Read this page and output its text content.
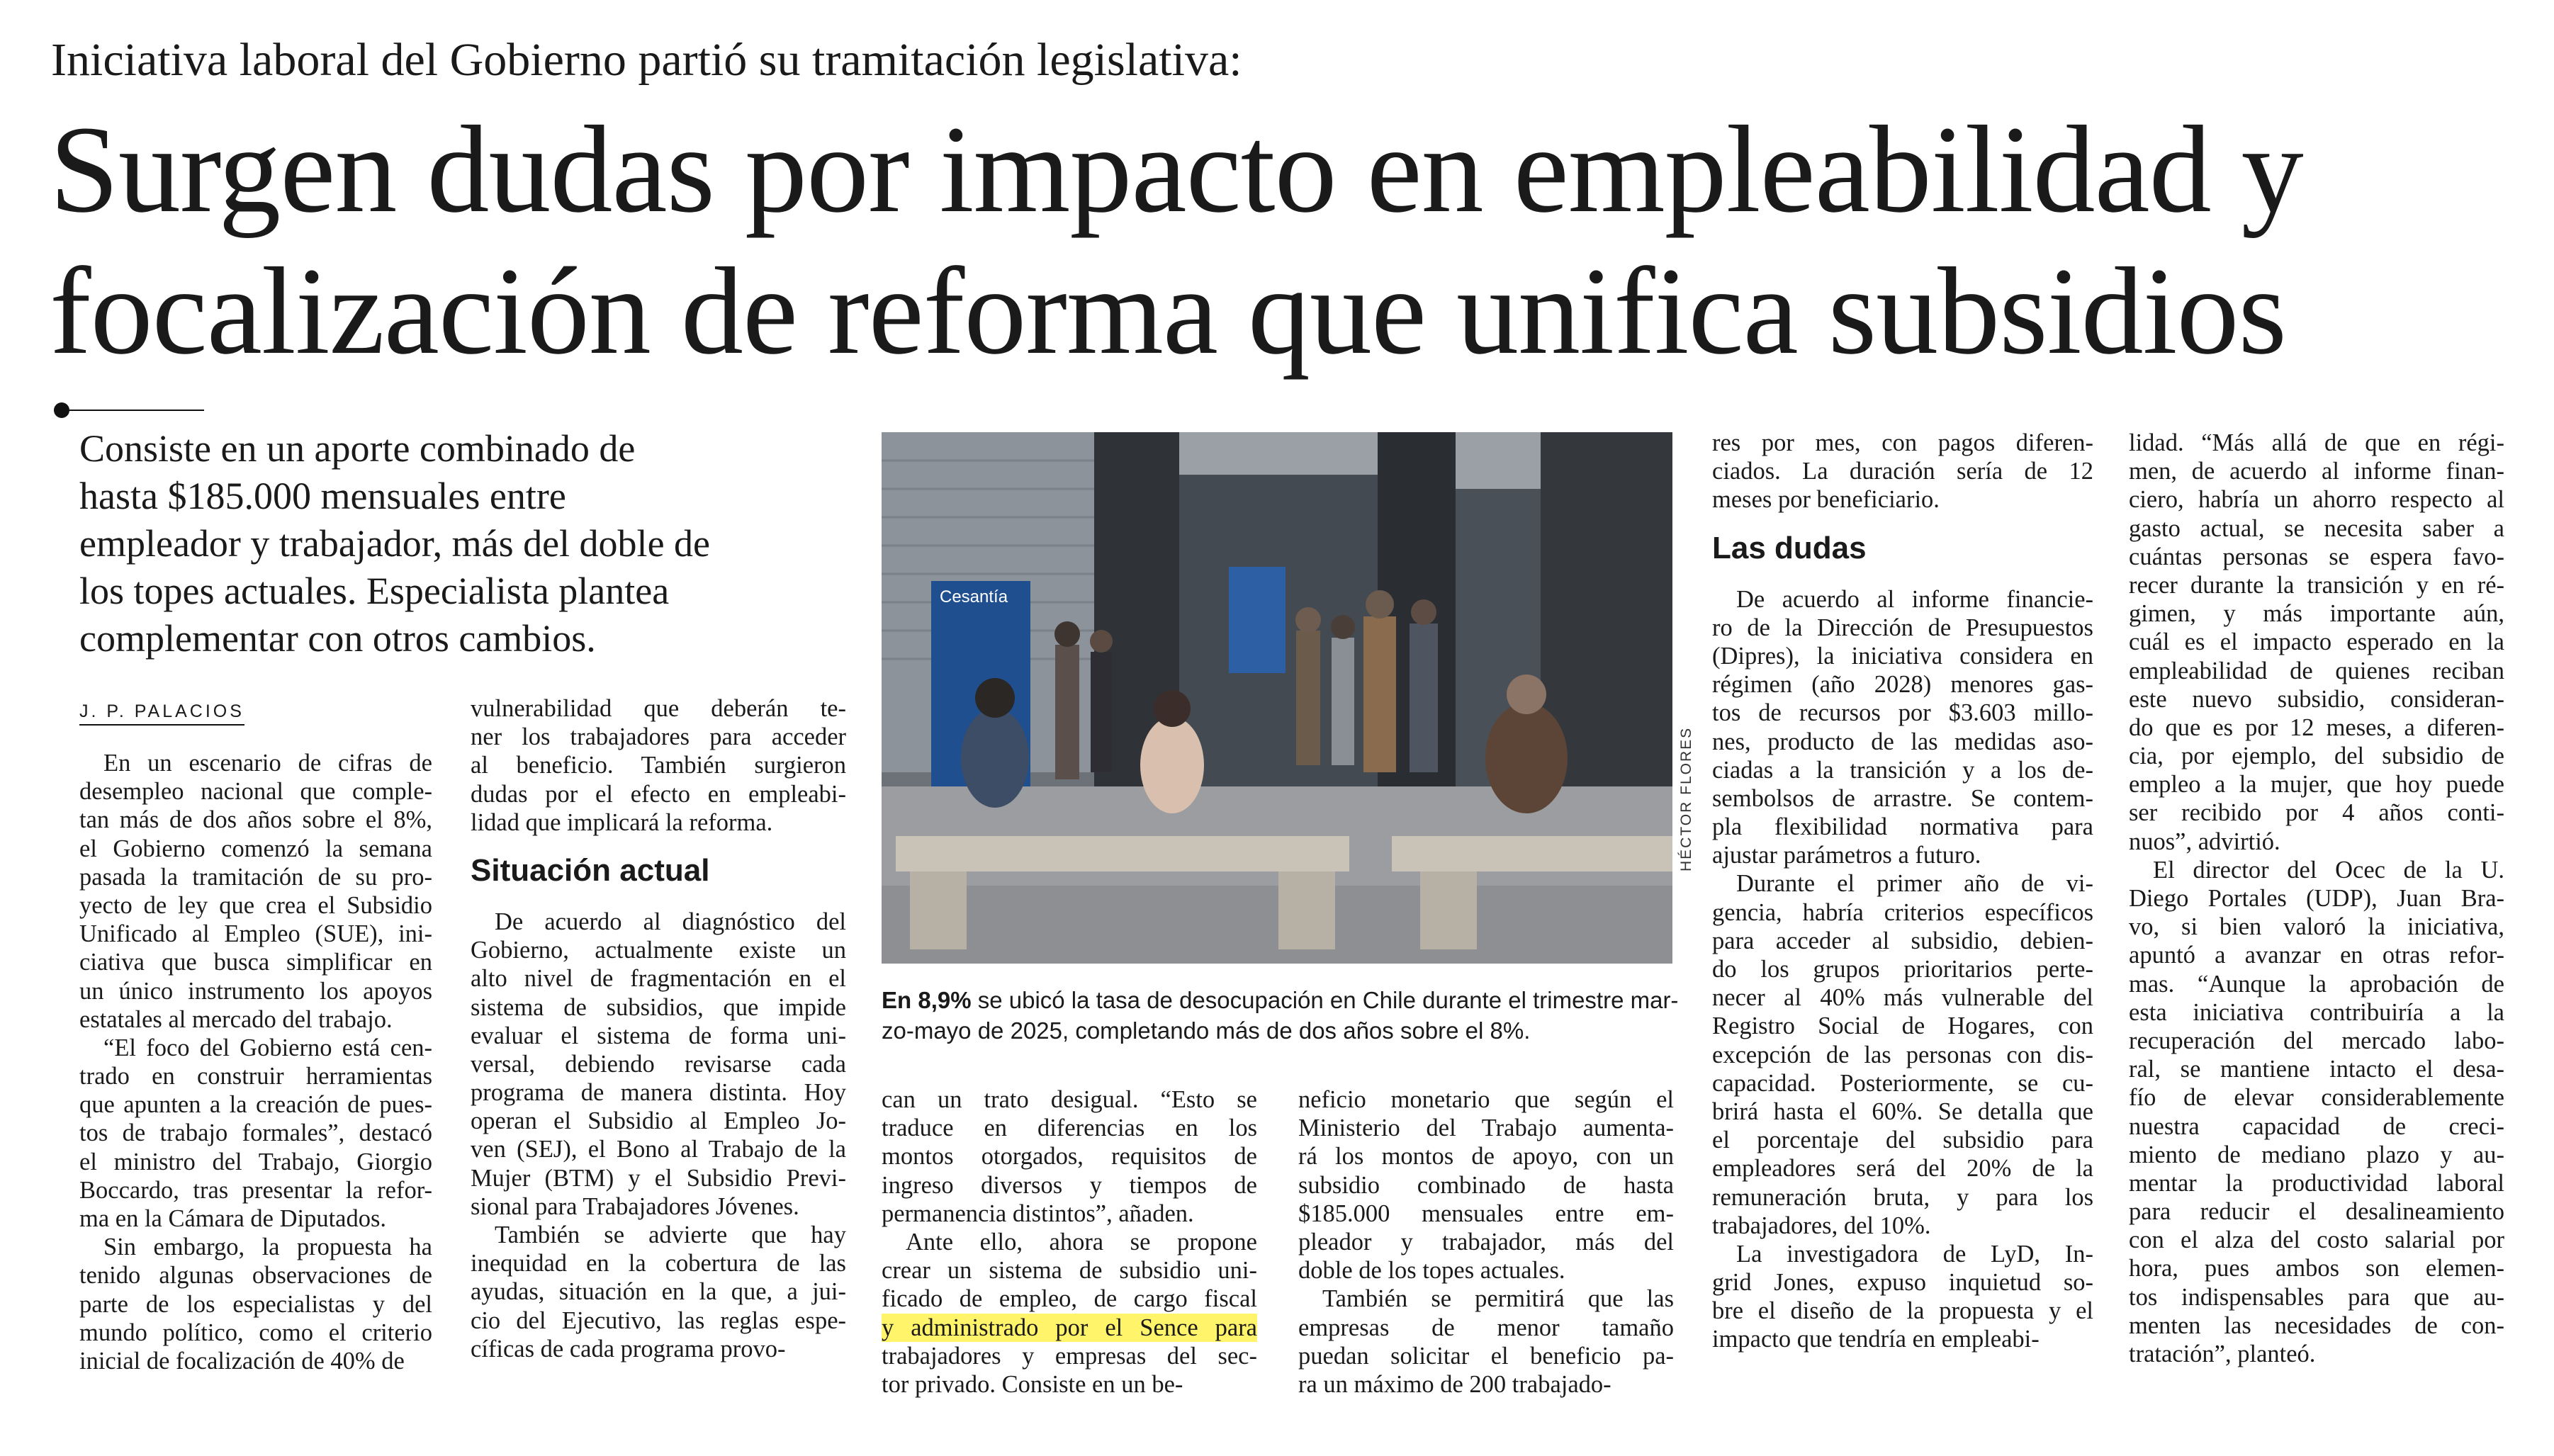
Iniciativa laboral del Gobierno partió su tramitación legislativa:
Surgen dudas por impacto en empleabilidad y
focalización de reforma que unifica subsidios

Consiste en un aporte combinado de

hasta $185.000 mensuales entre

empleador y trabajador, más del doble de

los topes actuales. Especialista plantea

complementar con otros cambios.

J. P. PALACIOS
En un escenario de cifras de
desempleo nacional que comple-
tan más de dos años sobre el 8%,
el Gobierno comenzó la semana
pasada la tramitación de su pro-
yecto de ley que crea el Subsidio
Unificado al Empleo (SUE), ini-
ciativa que busca simplificar en
un único instrumento los apoyos
estatales al mercado del trabajo.
“El foco del Gobierno está cen-
trado en construir herramientas
que apunten a la creación de pues-
tos de trabajo formales”, destacó
el ministro del Trabajo, Giorgio
Boccardo, tras presentar la refor-
ma en la Cámara de Diputados.
Sin embargo, la propuesta ha
tenido algunas observaciones de
parte de los especialistas y del
mundo político, como el criterio
inicial de focalización de 40% de
vulnerabilidad que deberán te-
ner los trabajadores para acceder
al beneficio. También surgieron
dudas por el efecto en empleabi-
lidad que implicará la reforma.
Situación actual
De acuerdo al diagnóstico del
Gobierno, actualmente existe un
alto nivel de fragmentación en el
sistema de subsidios, que impide
evaluar el sistema de forma uni-
versal, debiendo revisarse cada
programa de manera distinta. Hoy
operan el Subsidio al Empleo Jo-
ven (SEJ), el Bono al Trabajo de la
Mujer (BTM) y el Subsidio Previ-
sional para Trabajadores Jóvenes.
También se advierte que hay
inequidad en la cobertura de las
ayudas, situación en la que, a jui-
cio del Ejecutivo, las reglas espe-
cíficas de cada programa provo-
Cesantía
HÉCTOR FLORES
En 8,9% se ubicó la tasa de desocupación en Chile durante el trimestre mar-
zo-mayo de 2025, completando más de dos años sobre el 8%.
can un trato desigual. “Esto se
traduce en diferencias en los
montos otorgados, requisitos de
ingreso diversos y tiempos de
permanencia distintos”, añaden.
Ante ello, ahora se propone
crear un sistema de subsidio uni-
ficado de empleo, de cargo fiscal
y administrado por el Sence para
trabajadores y empresas del sec-
tor privado. Consiste en un be-
neficio monetario que según el
Ministerio del Trabajo aumenta-
rá los montos de apoyo, con un
subsidio combinado de hasta
$185.000 mensuales entre em-
pleador y trabajador, más del
doble de los topes actuales.
También se permitirá que las
empresas de menor tamaño
puedan solicitar el beneficio pa-
ra un máximo de 200 trabajado-
res por mes, con pagos diferen-
ciados. La duración sería de 12
meses por beneficiario.
Las dudas
De acuerdo al informe financie-
ro de la Dirección de Presupuestos
(Dipres), la iniciativa considera en
régimen (año 2028) menores gas-
tos de recursos por $3.603 millo-
nes, producto de las medidas aso-
ciadas a la transición y a los de-
sembolsos de arrastre. Se contem-
pla flexibilidad normativa para
ajustar parámetros a futuro.
Durante el primer año de vi-
gencia, habría criterios específicos
para acceder al subsidio, debien-
do los grupos prioritarios perte-
necer al 40% más vulnerable del
Registro Social de Hogares, con
excepción de las personas con dis-
capacidad. Posteriormente, se cu-
brirá hasta el 60%. Se detalla que
el porcentaje del subsidio para
empleadores será del 20% de la
remuneración bruta, y para los
trabajadores, del 10%.
La investigadora de LyD, In-
grid Jones, expuso inquietud so-
bre el diseño de la propuesta y el
impacto que tendría en empleabi-
lidad. “Más allá de que en régi-
men, de acuerdo al informe finan-
ciero, habría un ahorro respecto al
gasto actual, se necesita saber a
cuántas personas se espera favo-
recer durante la transición y en ré-
gimen, y más importante aún,
cuál es el impacto esperado en la
empleabilidad de quienes reciban
este nuevo subsidio, consideran-
do que es por 12 meses, a diferen-
cia, por ejemplo, del subsidio de
empleo a la mujer, que hoy puede
ser recibido por 4 años conti-
nuos”, advirtió.
El director del Ocec de la U.
Diego Portales (UDP), Juan Bra-
vo, si bien valoró la iniciativa,
apuntó a avanzar en otras refor-
mas. “Aunque la aprobación de
esta iniciativa contribuiría a la
recuperación del mercado labo-
ral, se mantiene intacto el desa-
fío de elevar considerablemente
nuestra capacidad de creci-
miento de mediano plazo y au-
mentar la productividad laboral
para reducir el desalineamiento
con el alza del costo salarial por
hora, pues ambos son elemen-
tos indispensables para que au-
menten las necesidades de con-
tratación”, planteó.
